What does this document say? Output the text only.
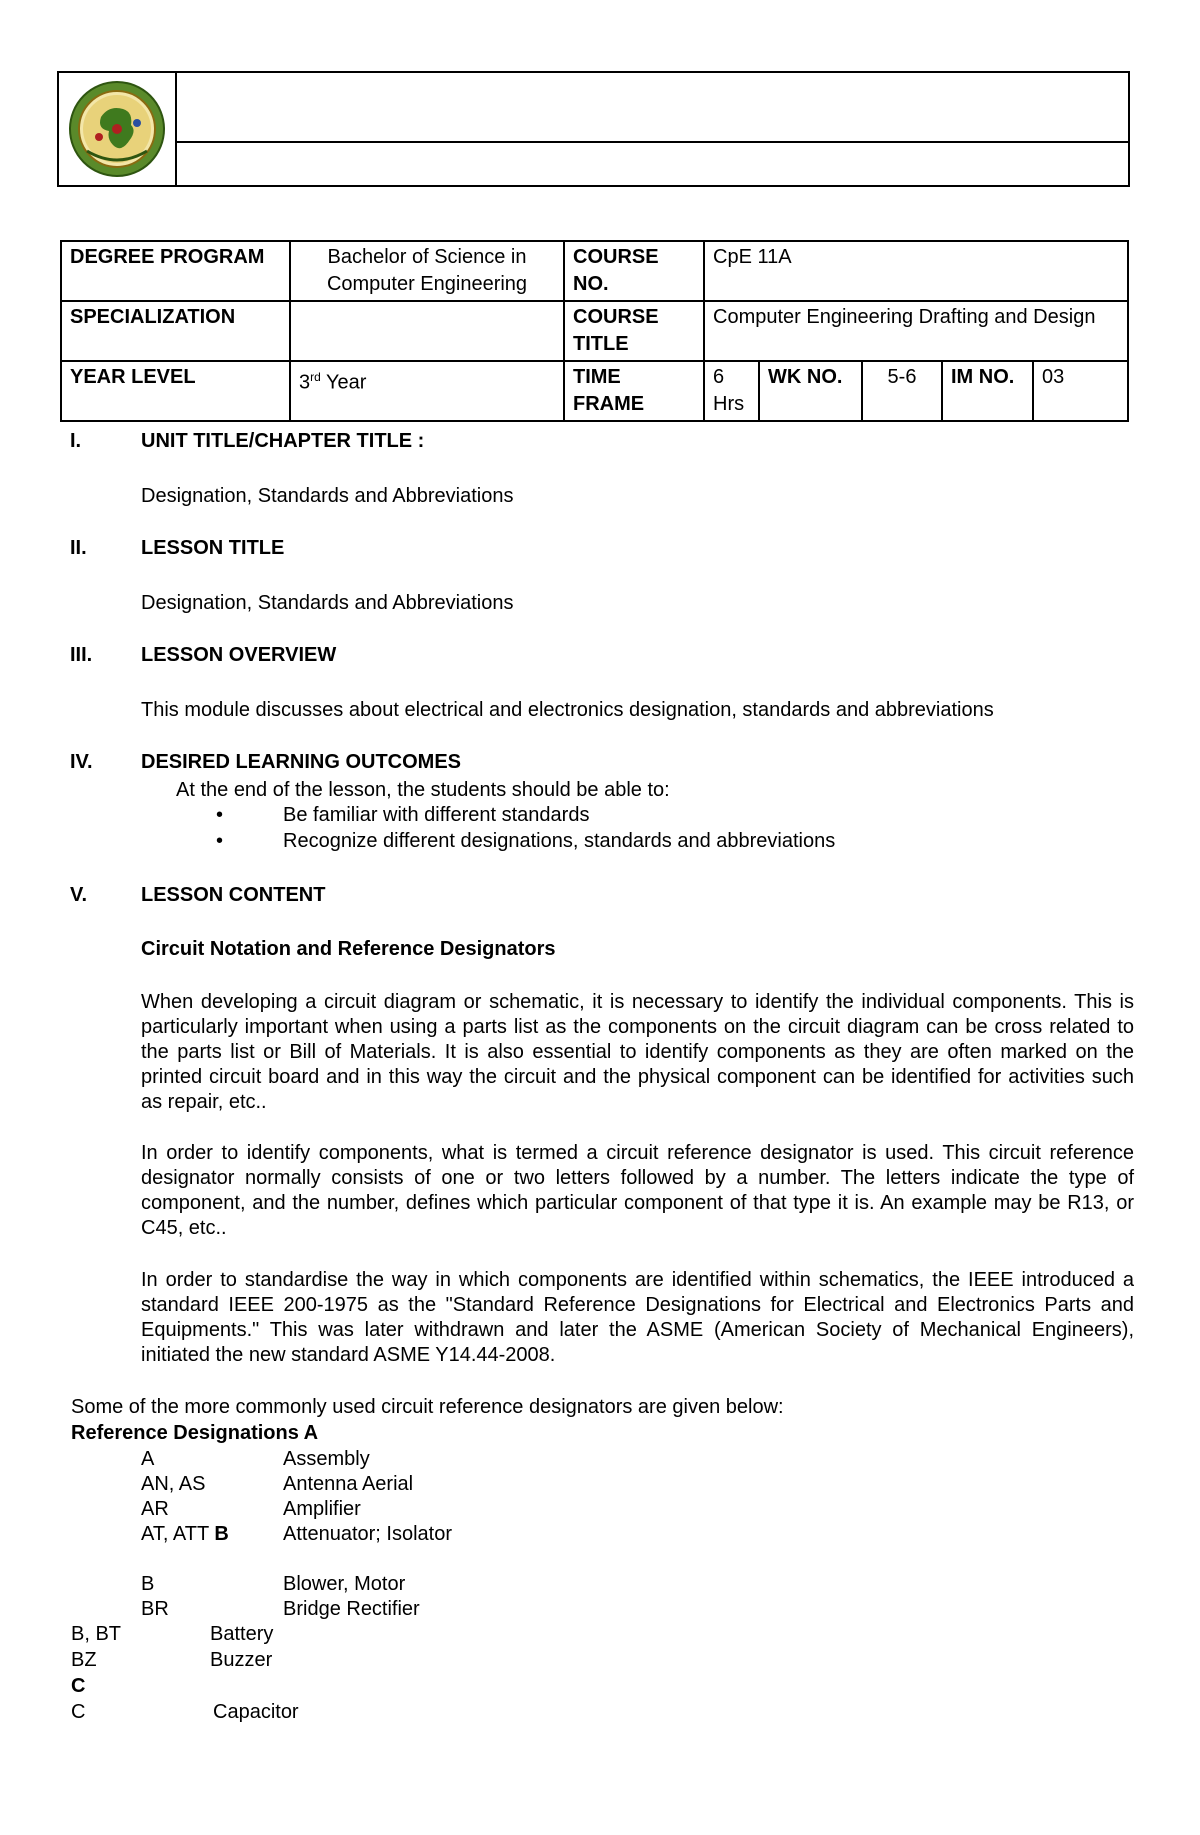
DEGREE PROGRAM	Bachelor of Science in Computer Engineering	COURSE NO.	CpE 11A				
SPECIALIZATION		COURSE TITLE	Computer Engineering Drafting and Design				
YEAR LEVEL	3rd Year	TIME FRAME	6 Hrs	WK NO.	5-6	IM NO.	03
I.	UNIT TITLE/CHAPTER TITLE :
Designation, Standards and Abbreviations
II.	LESSON TITLE
Designation, Standards and Abbreviations
III. LESSON OVERVIEW
This module discusses about electrical and electronics designation, standards and abbreviations
IV. DESIRED LEARNING OUTCOMES
At the end of the lesson, the students should be able to:
•	Be familiar with different standards
•	Recognize different designations, standards and abbreviations
V.	LESSON CONTENT
Circuit Notation and Reference Designators
When developing a circuit diagram or schematic, it is necessary to identify the individual components. This is particularly important when using a parts list as the components on the circuit diagram can be cross related to the parts list or Bill of Materials. It is also essential to identify components as they are often marked on the printed circuit board and in this way the circuit and the physical component can be identified for activities such as repair, etc..
In order to identify components, what is termed a circuit reference designator is used. This circuit reference designator normally consists of one or two letters followed by a number. The letters indicate the type of component, and the number, defines which particular component of that type it is. An example may be R13, or C45, etc..
In order to standardise the way in which components are identified within schematics, the IEEE introduced a standard IEEE 200-1975 as the "Standard Reference Designations for Electrical and Electronics Parts and Equipments." This was later withdrawn and later the ASME (American Society of Mechanical Engineers), initiated the new standard ASME Y14.44-2008.
Some of the more commonly used circuit reference designators are given below:
Reference Designations A
A	Assembly
AN, AS	Antenna Aerial
AR	Amplifier
AT, ATT B	Attenuator; Isolator
B	Blower, Motor
BR	Bridge Rectifier
B, BT	Battery
BZ	Buzzer
C
C	Capacitor
